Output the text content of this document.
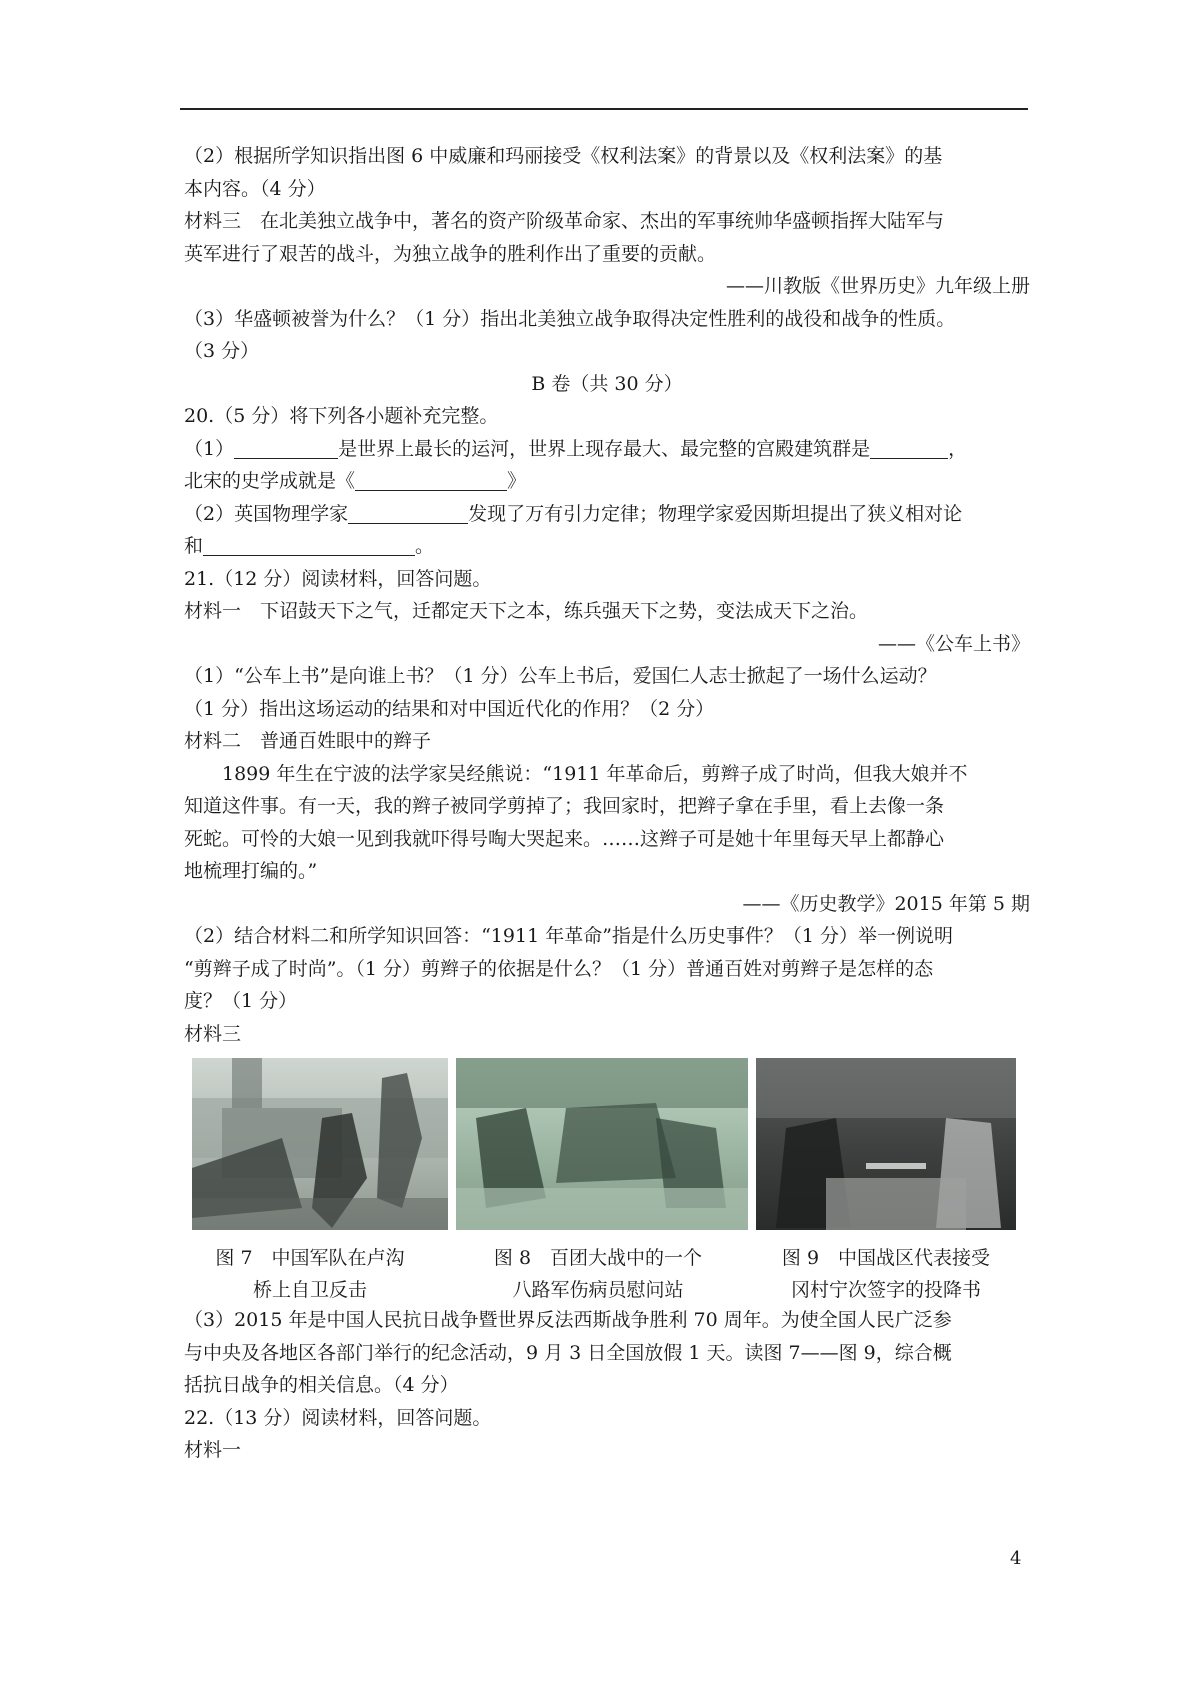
（2）根据所学知识指出图 6 中威廉和玛丽接受《权利法案》的背景以及《权利法案》的基
本内容。（4 分）
材料三　在北美独立战争中，著名的资产阶级革命家、杰出的军事统帅华盛顿指挥大陆军与
英军进行了艰苦的战斗，为独立战争的胜利作出了重要的贡献。
——川教版《世界历史》九年级上册
（3）华盛顿被誉为什么？（1 分）指出北美独立战争取得决定性胜利的战役和战争的性质。
（3 分）
B 卷（共 30 分）
20.（5 分）将下列各小题补充完整。
（1）	是世界上最长的运河，世界上现存最大、最完整的宫殿建筑群是	，
北宋的史学成就是《	》
（2）英国物理学家	发现了万有引力定律；物理学家爱因斯坦提出了狭义相对论
和	。
21.（12 分）阅读材料，回答问题。
材料一　下诏鼓天下之气，迁都定天下之本，练兵强天下之势，变法成天下之治。
——《公车上书》
（1）“公车上书”是向谁上书？（1 分）公车上书后，爱国仁人志士掀起了一场什么运动？
（1 分）指出这场运动的结果和对中国近代化的作用？（2 分）
材料二　普通百姓眼中的辫子
1899 年生在宁波的法学家吴经熊说：“1911 年革命后，剪辫子成了时尚，但我大娘并不
知道这件事。有一天，我的辫子被同学剪掉了；我回家时，把辫子拿在手里，看上去像一条
死蛇。可怜的大娘一见到我就吓得号啕大哭起来。……这辫子可是她十年里每天早上都静心
地梳理打编的。”
——《历史教学》2015 年第 5 期
（2）结合材料二和所学知识回答：“1911 年革命”指是什么历史事件？（1 分）举一例说明
“剪辫子成了时尚”。（1 分）剪辫子的依据是什么？（1 分）普通百姓对剪辫子是怎样的态
度？（1 分）
材料三
图 7　中国军队在卢沟
桥上自卫反击
图 8　百团大战中的一个
八路军伤病员慰问站
图 9　中国战区代表接受
冈村宁次签字的投降书
（3）2015 年是中国人民抗日战争暨世界反法西斯战争胜利 70 周年。为使全国人民广泛参
与中央及各地区各部门举行的纪念活动，9 月 3 日全国放假 1 天。读图 7——图 9，综合概
括抗日战争的相关信息。（4 分）
22.（13 分）阅读材料，回答问题。
材料一
4
